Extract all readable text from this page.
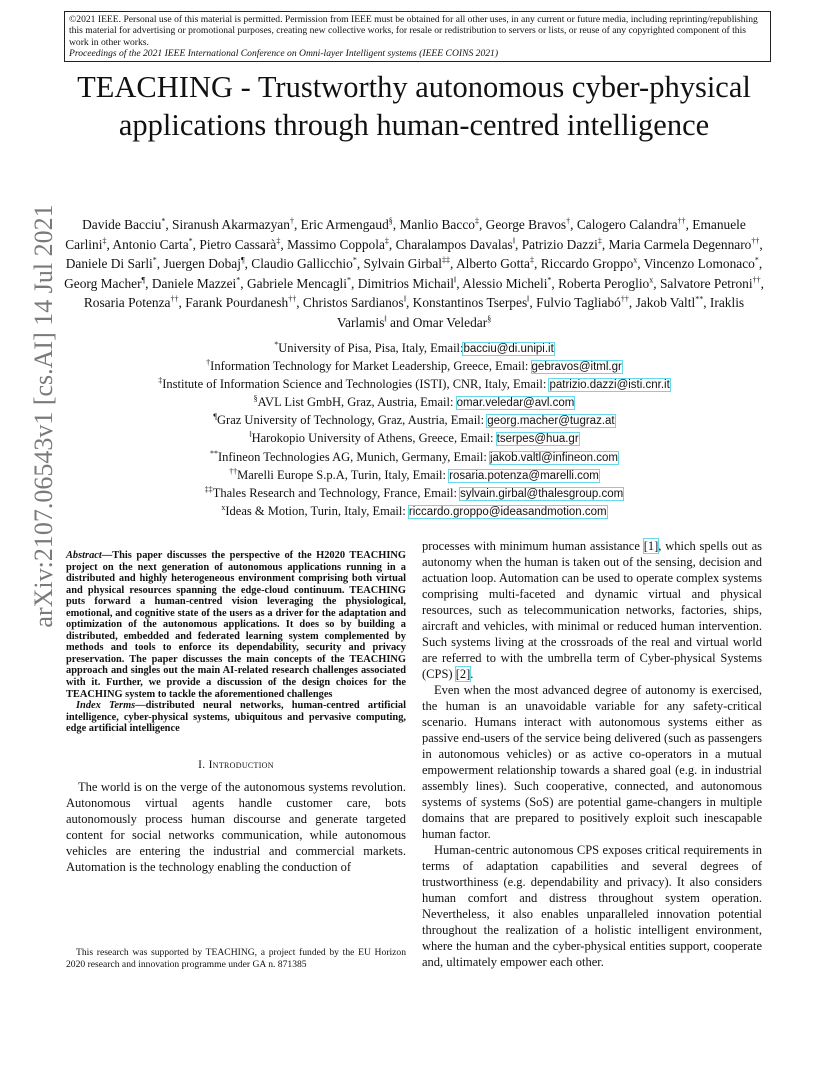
©2021 IEEE. Personal use of this material is permitted. Permission from IEEE must be obtained for all other uses, in any current or future media, including reprinting/republishing this material for advertising or promotional purposes, creating new collective works, for resale or redistribution to servers or lists, or reuse of any copyrighted component of this work in other works.
Proceedings of the 2021 IEEE International Conference on Omni-layer Intelligent systems (IEEE COINS 2021)
arXiv:2107.06543v1 [cs.AI] 14 Jul 2021
TEACHING - Trustworthy autonomous cyber-physical applications through human-centred intelligence
Davide Bacciu*, Siranush Akarmazyan†, Eric Armengaud§, Manlio Bacco‡, George Bravos†, Calogero Calandra††, Emanuele Carlini‡, Antonio Carta*, Pietro Cassarà‡, Massimo Coppola‡, Charalampos Davalas‖, Patrizio Dazzi‡, Maria Carmela Degennaro††, Daniele Di Sarli*, Juergen Dobaj¶, Claudio Gallicchio*, Sylvain Girbal‡‡, Alberto Gotta‡, Riccardo Groppo$^x$, Vincenzo Lomonaco*, Georg Macher¶, Daniele Mazzei*, Gabriele Mencagli*, Dimitrios Michail‖, Alessio Micheli*, Roberta Peroglio$^x$, Salvatore Petroni††, Rosaria Potenza††, Farank Pourdanesh††, Christos Sardianos‖, Konstantinos Tserpes‖, Fulvio Tagliabó††, Jakob Valtl**, Iraklis Varlamis‖ and Omar Veledar§
*University of Pisa, Pisa, Italy, Email:bacciu@di.unipi.it
†Information Technology for Market Leadership, Greece, Email: gebravos@itml.gr
‡Institute of Information Science and Technologies (ISTI), CNR, Italy, Email: patrizio.dazzi@isti.cnr.it
§AVL List GmbH, Graz, Austria, Email: omar.veledar@avl.com
¶Graz University of Technology, Graz, Austria, Email: georg.macher@tugraz.at
‖Harokopio University of Athens, Greece, Email: tserpes@hua.gr
**Infineon Technologies AG, Munich, Germany, Email: jakob.valtl@infineon.com
††Marelli Europe S.p.A, Turin, Italy, Email: rosaria.potenza@marelli.com
‡‡Thales Research and Technology, France, Email: sylvain.girbal@thalesgroup.com
$^x$Ideas & Motion, Turin, Italy, Email: riccardo.groppo@ideasandmotion.com
Abstract—This paper discusses the perspective of the H2020 TEACHING project on the next generation of autonomous applications running in a distributed and highly heterogeneous environment comprising both virtual and physical resources spanning the edge-cloud continuum. TEACHING puts forward a human-centred vision leveraging the physiological, emotional, and cognitive state of the users as a driver for the adaptation and optimization of the autonomous applications. It does so by building a distributed, embedded and federated learning system complemented by methods and tools to enforce its dependability, security and privacy preservation. The paper discusses the main concepts of the TEACHING approach and singles out the main AI-related research challenges associated with it. Further, we provide a discussion of the design choices for the TEACHING system to tackle the aforementioned challenges
Index Terms—distributed neural networks, human-centred artificial intelligence, cyber-physical systems, ubiquitous and pervasive computing, edge artificial intelligence
I. Introduction

The world is on the verge of the autonomous systems revolution. Autonomous virtual agents handle customer care, bots autonomously process human discourse and generate targeted content for social networks communication, while autonomous vehicles are entering the industrial and commercial markets. Automation is the technology enabling the conduction of

This research was supported by TEACHING, a project funded by the EU Horizon 2020 research and innovation programme under GA n. 871385

processes with minimum human assistance [1], which spells out as autonomy when the human is taken out of the sensing, decision and actuation loop. Automation can be used to operate complex systems comprising multi-faceted and dynamic virtual and physical resources, such as telecommunication networks, factories, ships, aircraft and vehicles, with minimal or reduced human intervention. Such systems living at the crossroads of the real and virtual world are referred to with the umbrella term of Cyber-physical Systems (CPS) [2].

Even when the most advanced degree of autonomy is exercised, the human is an unavoidable variable for any safety-critical scenario. Humans interact with autonomous systems either as passive end-users of the service being delivered (such as passengers in autonomous vehicles) or as active co-operators in a mutual empowerment relationship towards a shared goal (e.g. in industrial assembly lines). Such cooperative, connected, and autonomous systems of systems (SoS) are potential game-changers in multiple domains that are prepared to positively exploit such inescapable human factor.

Human-centric autonomous CPS exposes critical requirements in terms of adaptation capabilities and several degrees of trustworthiness (e.g. dependability and privacy). It also considers human comfort and distress throughout system operation. Nevertheless, it also enables unparalleled innovation potential throughout the realization of a holistic intelligent environment, where the human and the cyber-physical entities support, cooperate and, ultimately empower each other.
